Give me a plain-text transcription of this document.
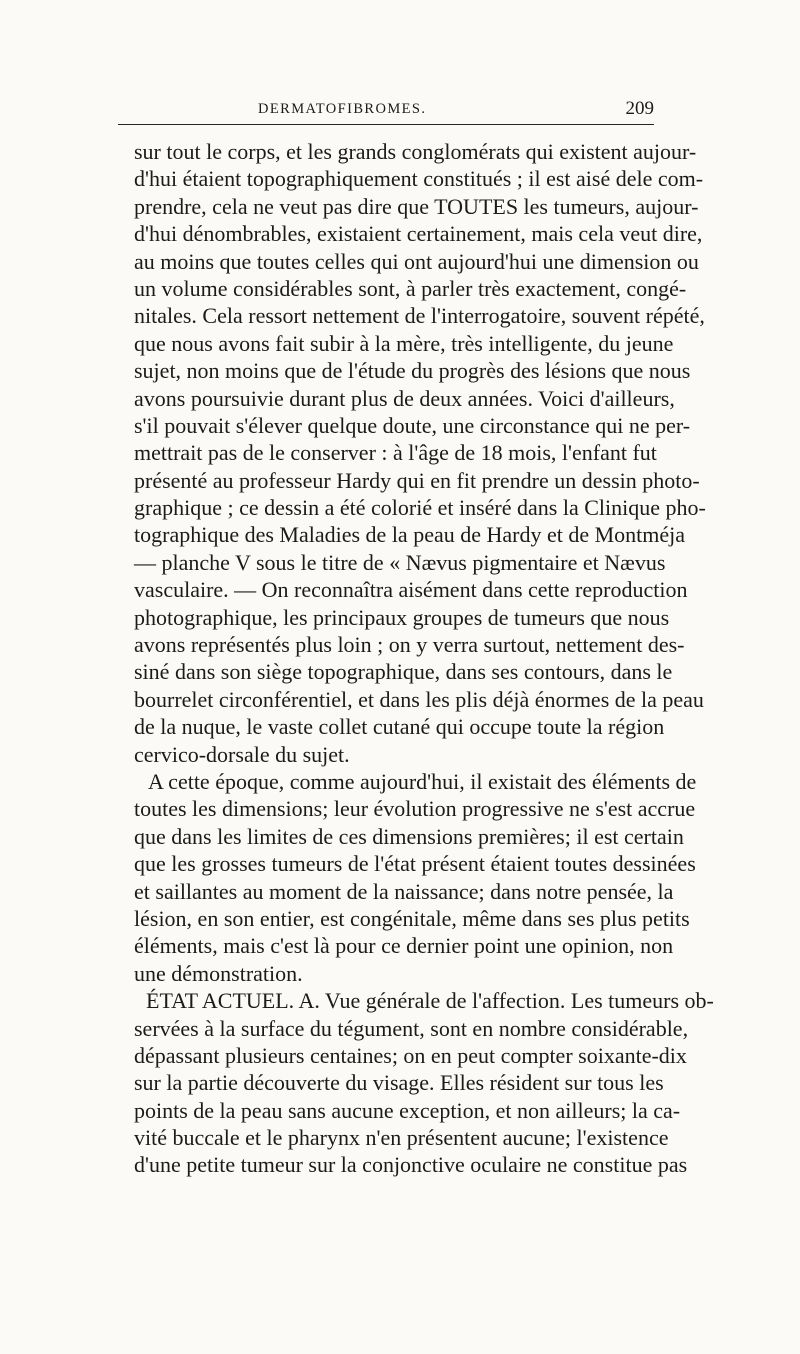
DERMATOFIBROMES.	209
sur tout le corps, et les grands conglomérats qui existent aujour-
d'hui étaient topographiquement constitués ; il est aisé dele com-
prendre, cela ne veut pas dire que TOUTES les tumeurs, aujour-
d'hui dénombrables, existaient certainement, mais cela veut dire,
au moins que toutes celles qui ont aujourd'hui une dimension ou
un volume considérables sont, à parler très exactement, congé-
nitales. Cela ressort nettement de l'interrogatoire, souvent répété,
que nous avons fait subir à la mère, très intelligente, du jeune
sujet, non moins que de l'étude du progrès des lésions que nous
avons poursuivie durant plus de deux années. Voici d'ailleurs,
s'il pouvait s'élever quelque doute, une circonstance qui ne per-
mettrait pas de le conserver : à l'âge de 18 mois, l'enfant fut
présenté au professeur Hardy qui en fit prendre un dessin photo-
graphique ; ce dessin a été colorié et inséré dans la Clinique pho-
tographique des Maladies de la peau de Hardy et de Montméja
— planche V sous le titre de « Nævus pigmentaire et Nævus
vasculaire. — On reconnaîtra aisément dans cette reproduction
photographique, les principaux groupes de tumeurs que nous
avons représentés plus loin ; on y verra surtout, nettement des-
siné dans son siège topographique, dans ses contours, dans le
bourrelet circonférentiel, et dans les plis déjà énormes de la peau
de la nuque, le vaste collet cutané qui occupe toute la région
cervico-dorsale du sujet.
A cette époque, comme aujourd'hui, il existait des éléments de
toutes les dimensions; leur évolution progressive ne s'est accrue
que dans les limites de ces dimensions premières; il est certain
que les grosses tumeurs de l'état présent étaient toutes dessinées
et saillantes au moment de la naissance; dans notre pensée, la
lésion, en son entier, est congénitale, même dans ses plus petits
éléments, mais c'est là pour ce dernier point une opinion, non
une démonstration.
ÉTAT ACTUEL. A. Vue générale de l'affection. Les tumeurs ob-
servées à la surface du tégument, sont en nombre considérable,
dépassant plusieurs centaines; on en peut compter soixante-dix
sur la partie découverte du visage. Elles résident sur tous les
points de la peau sans aucune exception, et non ailleurs; la ca-
vité buccale et le pharynx n'en présentent aucune; l'existence
d'une petite tumeur sur la conjonctive oculaire ne constitue pas
